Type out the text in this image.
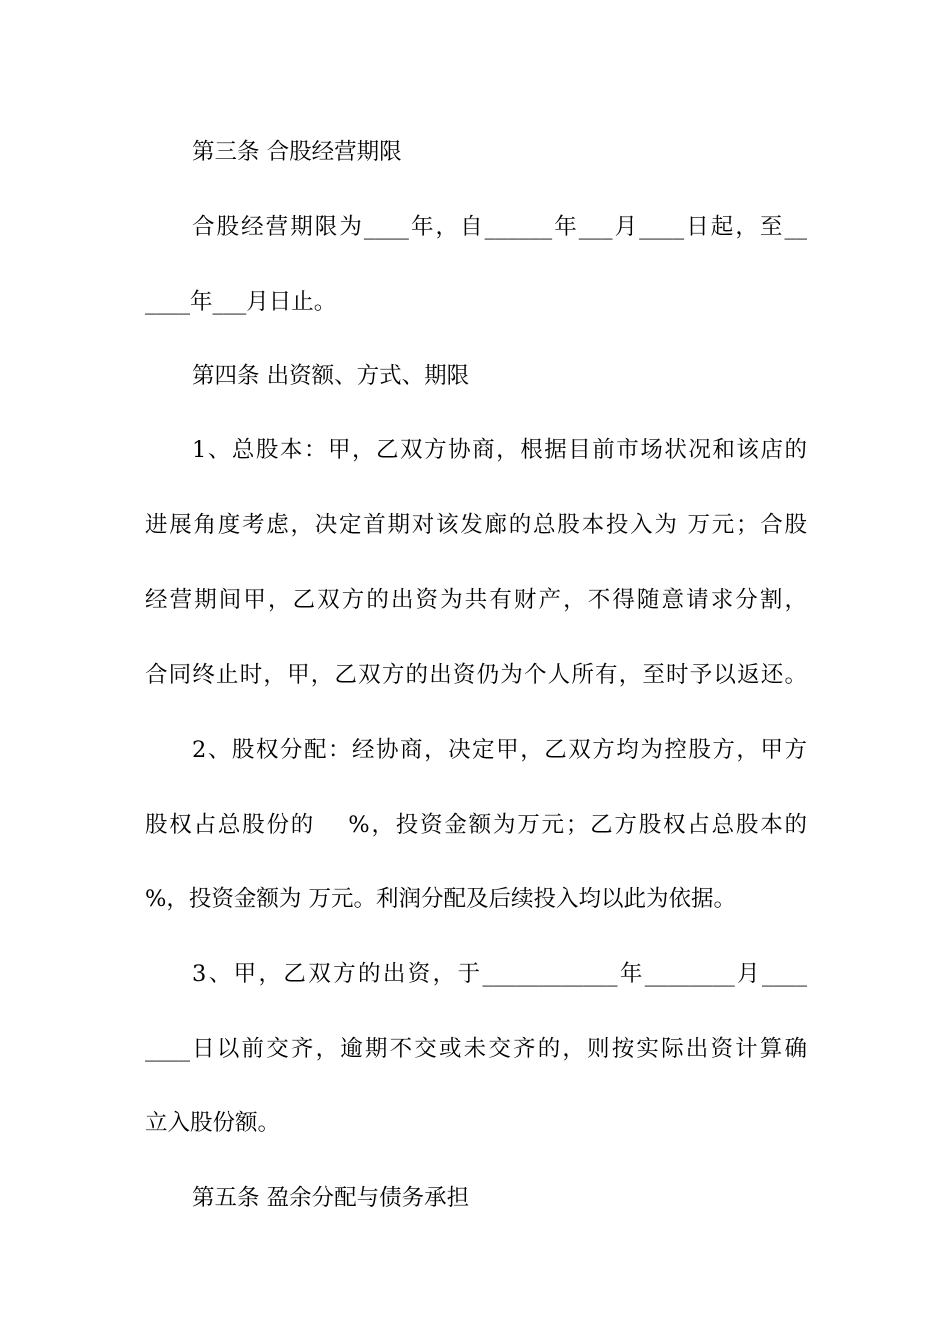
第三条 合股经营期限
合股经营期限为____年，自______年___月____日起，至__
____年___月日止。
第四条 出资额、方式、期限
1、总股本：甲，乙双方协商，根据目前市场状况和该店的
进展角度考虑，决定首期对该发廊的总股本投入为 万元；合股
经营期间甲，乙双方的出资为共有财产，不得随意请求分割，
合同终止时，甲，乙双方的出资仍为个人所有，至时予以返还。
2、股权分配：经协商，决定甲，乙双方均为控股方，甲方
股权占总股份的　 %，投资金额为万元；乙方股权占总股本的
%，投资金额为 万元。利润分配及后续投入均以此为依据。
3、甲，乙双方的出资，于____________年________月____
____日以前交齐，逾期不交或未交齐的，则按实际出资计算确
立入股份额。
第五条 盈余分配与债务承担
